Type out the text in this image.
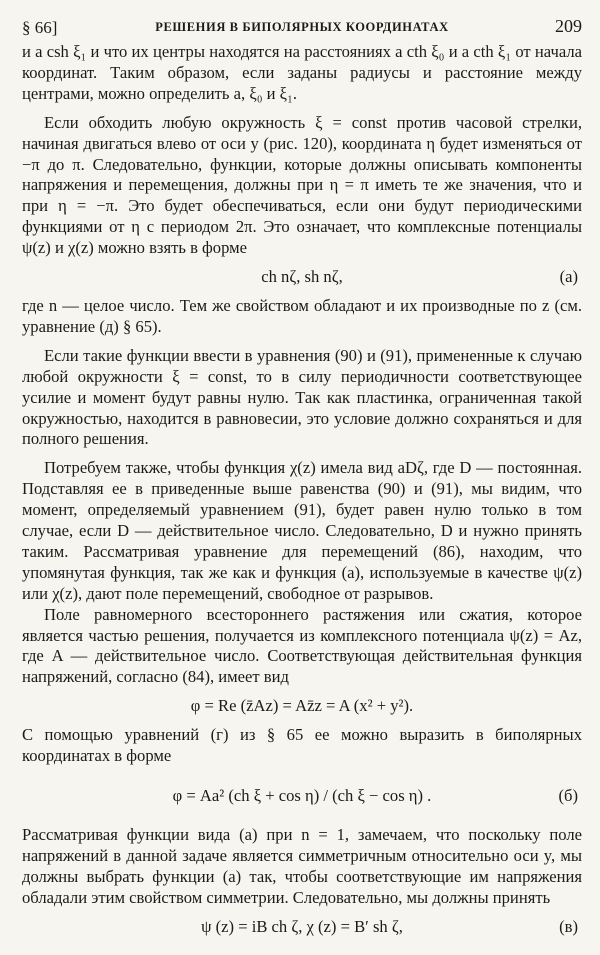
§ 66]	РЕШЕНИЯ В БИПОЛЯРНЫХ КООРДИНАТАХ	209

и a csh ξ₁ и что их центры находятся на расстояниях a cth ξ₀ и a cth ξ₁ от начала координат. Таким образом, если заданы радиусы и расстояние между центрами, можно определить a, ξ₀ и ξ₁.

Если обходить любую окружность ξ = const против часовой стрелки, начиная двигаться влево от оси y (рис. 120), координата η будет изменяться от −π до π. Следовательно, функции, которые должны описывать компоненты напряжения и перемещения, должны при η = π иметь те же значения, что и при η = −π. Это будет обеспечиваться, если они будут периодическими функциями от η с периодом 2π. Это означает, что комплексные потенциалы ψ(z) и χ(z) можно взять в форме

ch nζ, sh nζ,	(а)

где n — целое число. Тем же свойством обладают и их производные по z (см. уравнение (д) § 65).

Если такие функции ввести в уравнения (90) и (91), примененные к случаю любой окружности ξ = const, то в силу периодичности соответствующее усилие и момент будут равны нулю. Так как пластинка, ограниченная такой окружностью, находится в равновесии, это условие должно сохраняться и для полного решения.

Потребуем также, чтобы функция χ(z) имела вид aDζ, где D — постоянная. Подставляя ее в приведенные выше равенства (90) и (91), мы видим, что момент, определяемый уравнением (91), будет равен нулю только в том случае, если D — действительное число. Следовательно, D и нужно принять таким. Рассматривая уравнение для перемещений (86), находим, что упомянутая функция, так же как и функция (а), используемые в качестве ψ(z) или χ(z), дают поле перемещений, свободное от разрывов.

Поле равномерного всестороннего растяжения или сжатия, которое является частью решения, получается из комплексного потенциала ψ(z) = Az, где A — действительное число. Соответствующая действительная функция напряжений, согласно (84), имеет вид

φ = Re (z̄Az) = Az̄z = A (x² + y²).

С помощью уравнений (г) из § 65 ее можно выразить в биполярных координатах в форме

φ = Aa² (ch ξ + cos η) / (ch ξ − cos η) .	(б)

Рассматривая функции вида (а) при n = 1, замечаем, что поскольку поле напряжений в данной задаче является симметричным относительно оси y, мы должны выбрать функции (а) так, чтобы соответствующие им напряжения обладали этим свойством симметрии. Следовательно, мы должны принять

ψ (z) = iB ch ζ, χ (z) = B′ sh ζ,	(в)
